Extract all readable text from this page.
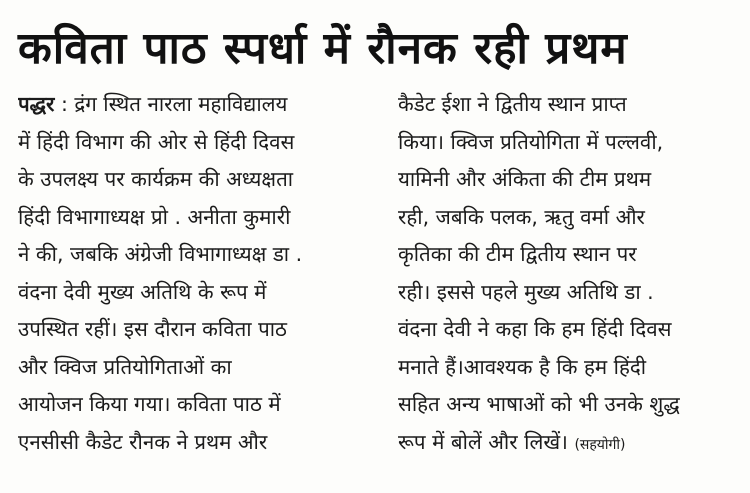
कविता पाठ स्पर्धा में रौनक रही प्रथम
पद्धर : द्रंग स्थित नारला महाविद्यालय
में हिंदी विभाग की ओर से हिंदी दिवस
के उपलक्ष्य पर कार्यक्रम की अध्यक्षता
हिंदी विभागाध्यक्ष प्रो . अनीता कुमारी
ने की, जबकि अंग्रेजी विभागाध्यक्ष डा .
वंदना देवी मुख्य अतिथि के रूप में
उपस्थित रहीं। इस दौरान कविता पाठ
और क्विज प्रतियोगिताओं का
आयोजन किया गया। कविता पाठ में
एनसीसी कैडेट रौनक ने प्रथम और
कैडेट ईशा ने द्वितीय स्थान प्राप्त
किया। क्विज प्रतियोगिता में पल्लवी,
यामिनी और अंकिता की टीम प्रथम
रही, जबकि पलक, ऋतु वर्मा और
कृतिका की टीम द्वितीय स्थान पर
रही। इससे पहले मुख्य अतिथि डा .
वंदना देवी ने कहा कि हम हिंदी दिवस
मनाते हैं।आवश्यक है कि हम हिंदी
सहित अन्य भाषाओं को भी उनके शुद्ध
रूप में बोलें और लिखें। (सहयोगी)
